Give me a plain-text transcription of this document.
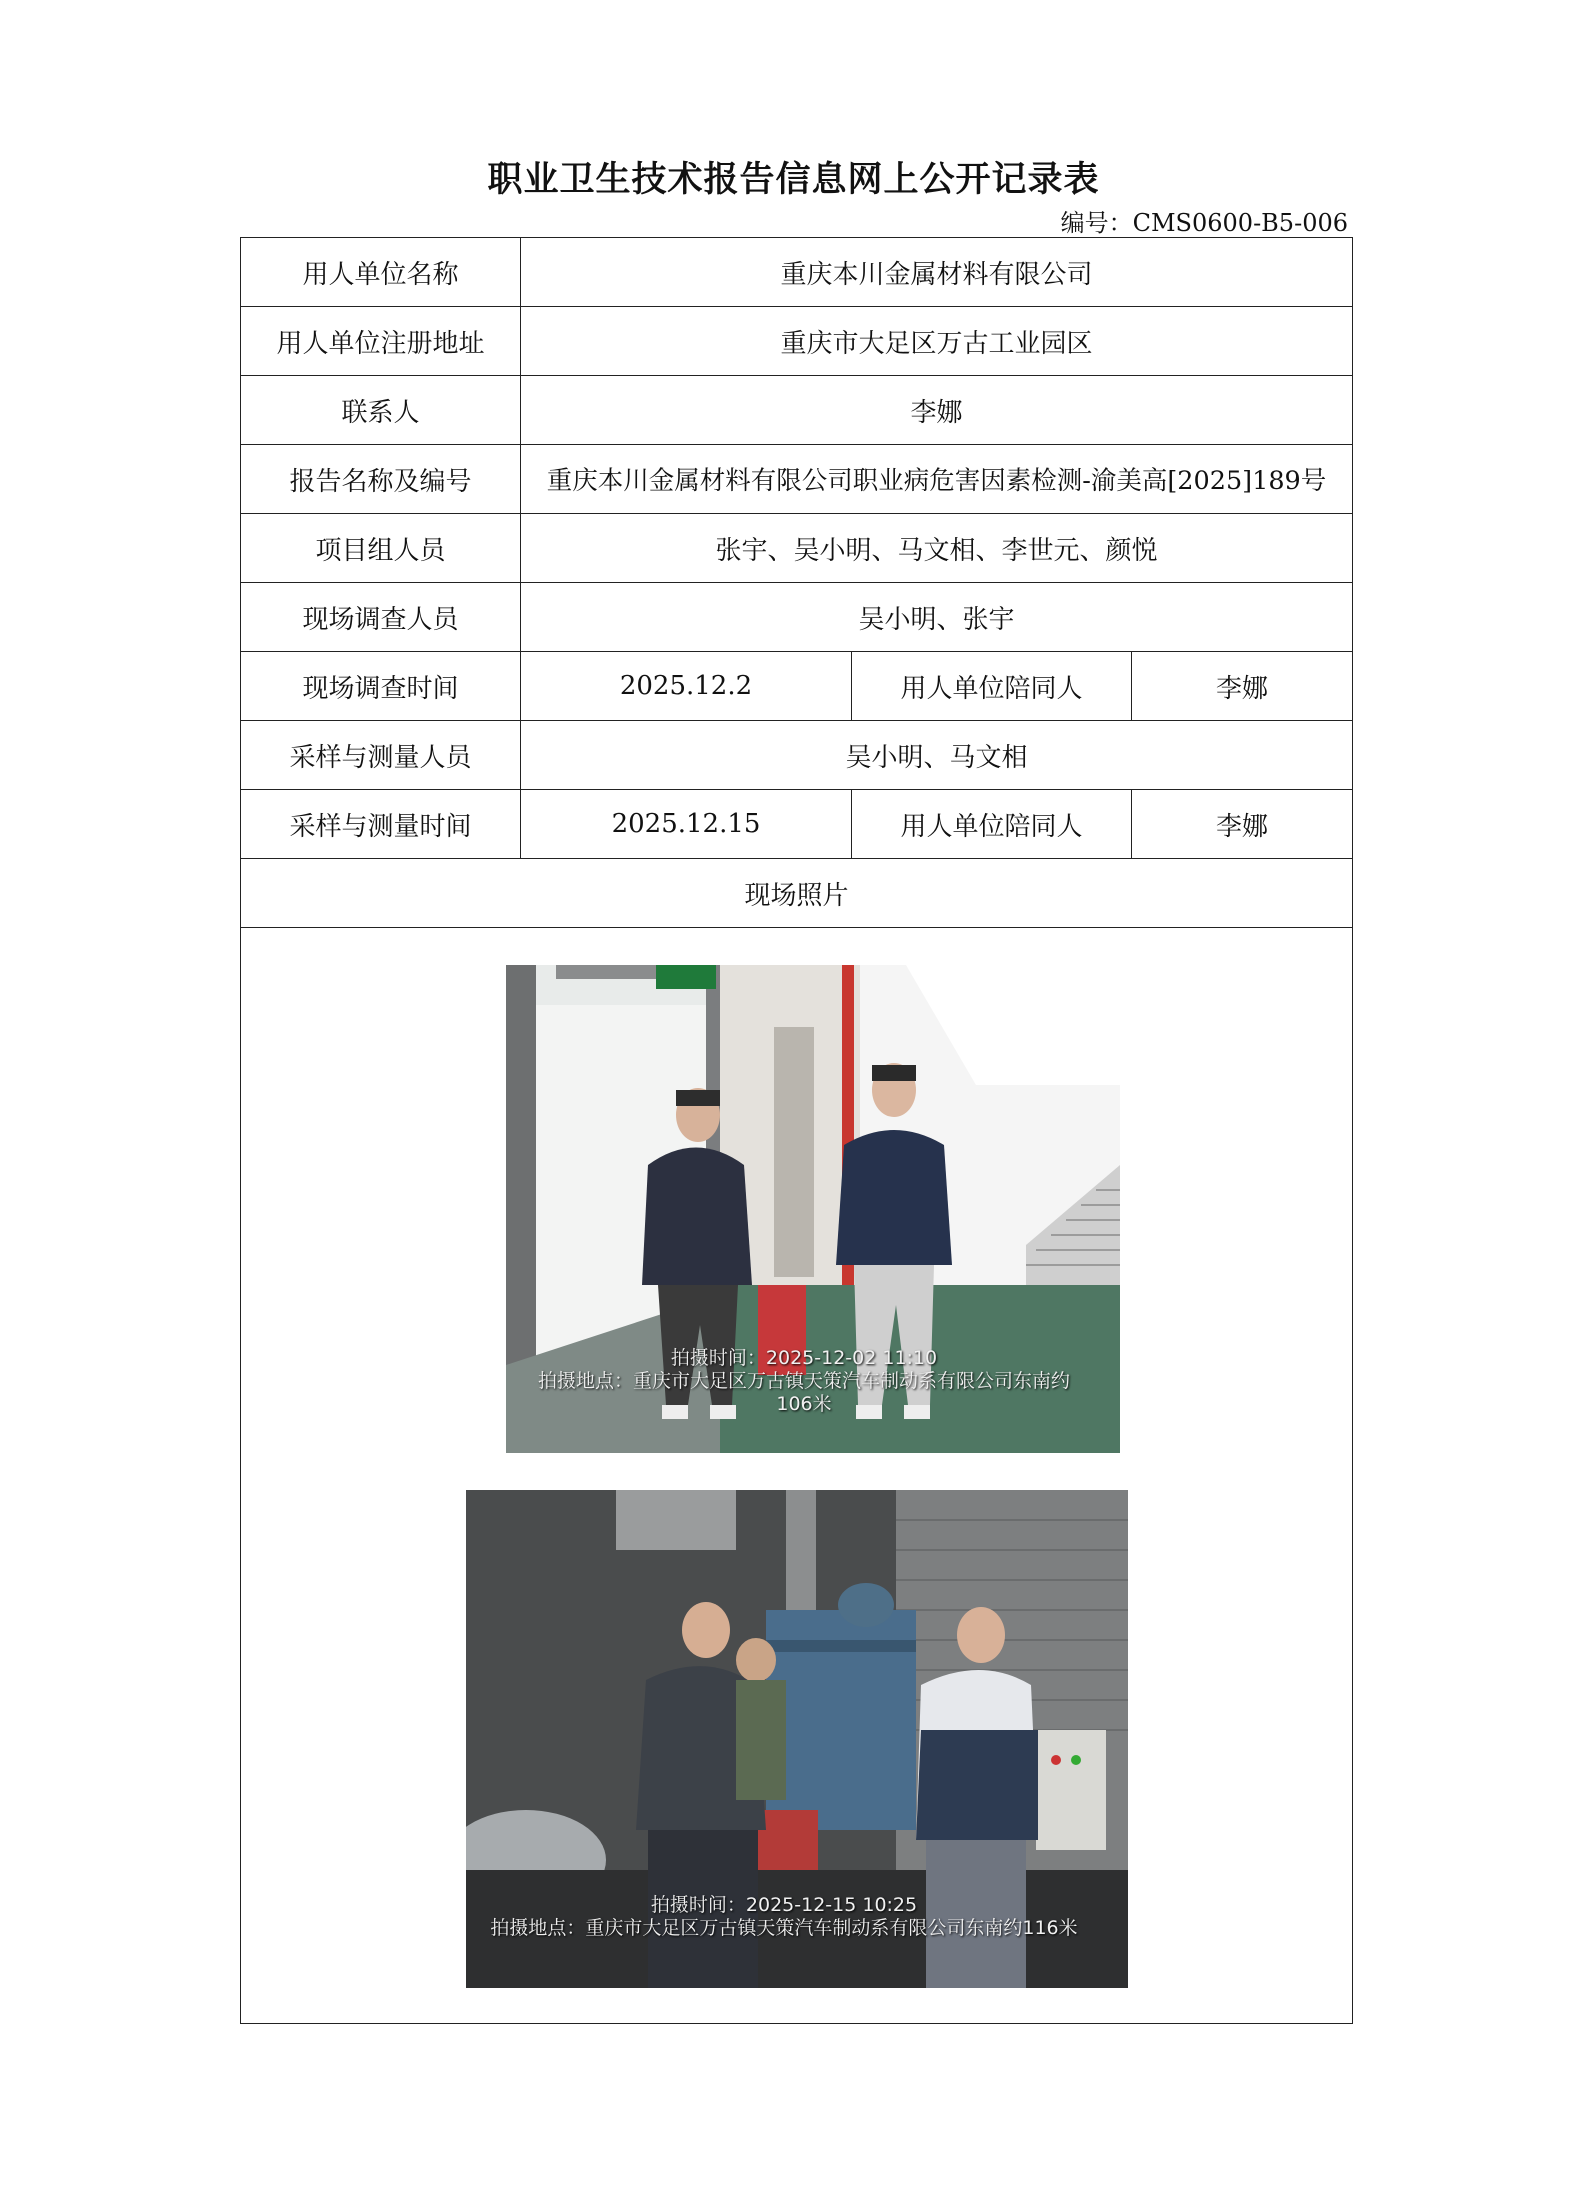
职业卫生技术报告信息网上公开记录表
编号：CMS0600-B5-006
用人单位名称	重庆本川金属材料有限公司		
用人单位注册地址	重庆市大足区万古工业园区		
联系人	李娜		
报告名称及编号	重庆本川金属材料有限公司职业病危害因素检测-渝美高[2025]189号		
项目组人员	张宇、吴小明、马文相、李世元、颜悦		
现场调查人员	吴小明、张宇		
现场调查时间	2025.12.2	用人单位陪同人	李娜
采样与测量人员	吴小明、马文相		
采样与测量时间	2025.12.15	用人单位陪同人	李娜
现场照片			

拍摄时间：2025-12-02 11:10
拍摄地点：重庆市大足区万古镇天策汽车制动系有限公司东南约106米
拍摄时间：2025-12-15 10:25
拍摄地点：重庆市大足区万古镇天策汽车制动系有限公司东南约116米			
